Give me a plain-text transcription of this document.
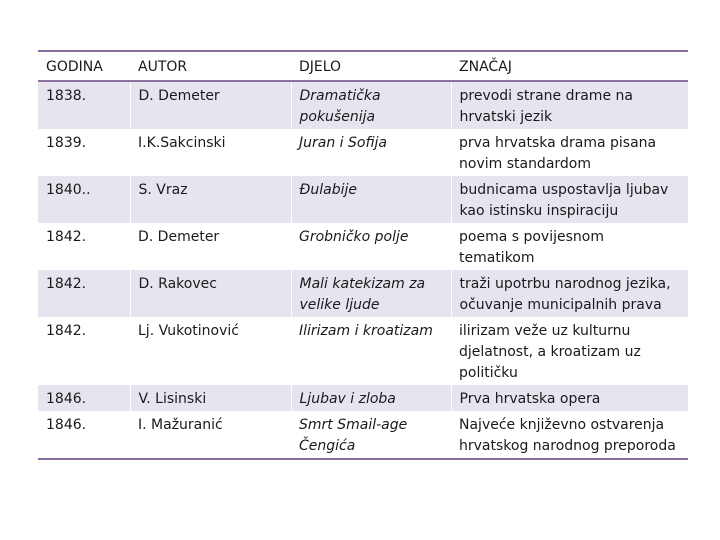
GODINA	AUTOR	DJELO	ZNAČAJ
1838.	D. Demeter	Dramatička pokušenija	prevodi strane drame na hrvatski jezik
1839.	I.K.Sakcinski	Juran i Sofija	prva hrvatska drama pisana novim standardom
1840..	S. Vraz	Đulabije	budnicama uspostavlja ljubav kao istinsku inspiraciju
1842.	D. Demeter	Grobničko polje	poema s povijesnom tematikom
1842.	D. Rakovec	Mali katekizam za velike ljude	traži upotrbu narodnog jezika, očuvanje municipalnih prava
1842.	Lj. Vukotinović	Ilirizam i kroatizam	ilirizam veže uz kulturnu djelatnost, a kroatizam uz političku
1846.	V. Lisinski	Ljubav i zloba	Prva hrvatska opera
1846.	I. Mažuranić	Smrt Smail-age Čengića	Najveće književno ostvarenja hrvatskog narodnog preporoda
